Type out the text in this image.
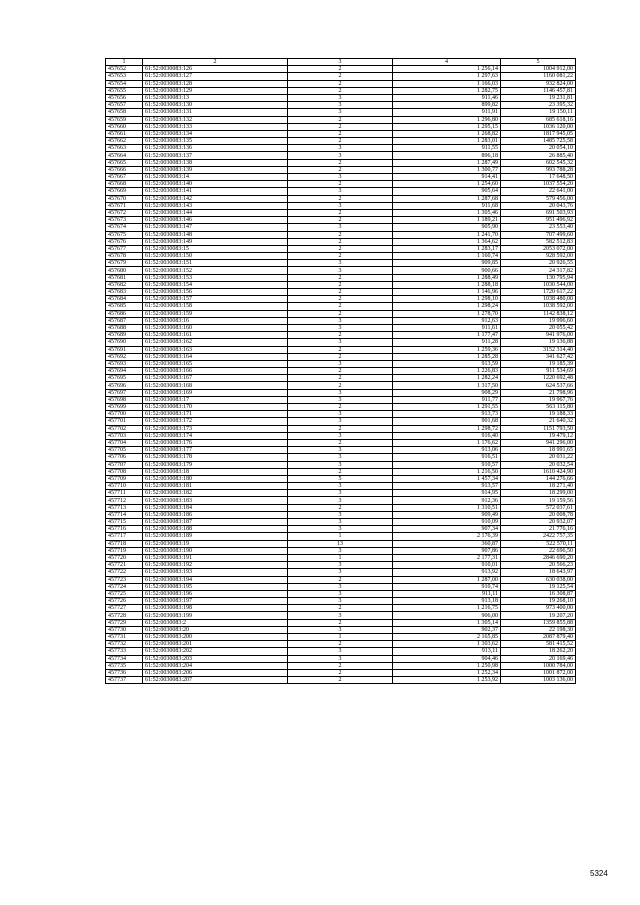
1	2	3	4	5
457652	61:52:0030083:126	2	1 256,14	1004 912,00
457653	61:52:0030083:127	2	1 297,63	1160 081,22
457654	61:52:0030083:128	2	1 166,03	932 824,00
457655	61:52:0030083:129	2	1 282,75	1146 457,81
457656	61:52:0030083:13	3	911,46	19 231,81
457657	61:52:0030083:130	3	899,82	23 395,32
457658	61:52:0030083:131	3	911,91	19 150,11
457659	61:52:0030083:132	2	1 296,80	685 618,16
457660	61:52:0030083:133	2	1 295,15	1036 120,00
457661	61:52:0030083:134	2	1 268,82	1817 945,05
457662	61:52:0030083:135	2	1 283,01	1485 725,58
457663	61:52:0030083:136	3	911,55	20 054,10
457664	61:52:0030083:137	3	896,18	26 885,40
457665	61:52:0030083:138	2	1 287,49	602 545,32
457666	61:52:0030083:139	2	1 300,77	993 788,28
457667	61:52:0030083:14	3	914,41	17 648,50
457668	61:52:0030083:140	2	1 254,60	1037 554,20
457669	61:52:0030083:141	3	905,64	22 641,00
457670	61:52:0030083:142	2	1 287,68	579 456,00
457671	61:52:0030083:143	3	911,68	20 043,76
457672	61:52:0030083:144	2	1 305,46	691 503,93
457673	61:52:0030083:146	2	1 189,21	951 496,92
457674	61:52:0030083:147	3	905,90	23 553,40
457675	61:52:0030083:148	2	1 241,70	707 499,60
457676	61:52:0030083:149	2	1 364,62	582 512,83
457677	61:52:0030083:15	2	1 283,17	2053 072,00
457678	61:52:0030083:150	2	1 160,74	928 592,00
457679	61:52:0030083:151	3	909,85	20 926,55
457680	61:52:0030083:152	3	900,66	24 317,82
457681	61:52:0030083:153	2	1 288,49	130 795,94
457682	61:52:0030083:154	2	1 288,18	1030 544,00
457683	61:52:0030083:156	2	1 146,96	1720 617,22
457684	61:52:0030083:157	2	1 298,10	1038 480,00
457685	61:52:0030083:158	2	1 298,24	1038 592,00
457686	61:52:0030083:159	2	1 278,70	1142 838,12
457687	61:52:0030083:16	3	912,63	19 996,60
457688	61:52:0030083:160	3	911,61	20 055,42
457689	61:52:0030083:161	2	1 177,47	941 976,00
457690	61:52:0030083:162	3	911,28	19 136,88
457691	61:52:0030083:163	2	1 259,36	3152 314,40
457692	61:52:0030083:164	2	1 285,28	341 627,42
457693	61:52:0030083:165	3	913,59	19 185,39
457694	61:52:0030083:166	2	1 226,83	911 534,69
457695	61:52:0030083:167	2	1 282,24	1220 692,48
457696	61:52:0030083:168	2	1 317,50	624 537,66
457697	61:52:0030083:169	3	908,29	21 798,96
457698	61:52:0030083:17	3	911,77	19 967,76
457699	61:52:0030083:170	2	1 291,55	563 115,80
457700	61:52:0030083:171	3	913,73	19 188,33
457701	61:52:0030083:172	3	901,68	21 640,32
457702	61:52:0030083:173	2	1 298,72	1151 793,50
457703	61:52:0030083:174	3	916,40	19 479,12
457704	61:52:0030083:176	2	1 176,62	941 296,00
457705	61:52:0030083:177	3	913,06	18 991,65
457706	61:52:0030083:178	3	916,51	20 031,22
457707	61:52:0030083:179	3	910,57	20 032,54
457708	61:52:0030083:18	2	1 216,50	1610 424,90
457709	61:52:0030083:180	5	1 457,34	144 276,66
457710	61:52:0030083:181	3	913,57	18 271,40
457711	61:52:0030083:182	3	914,95	18 299,00
457712	61:52:0030083:183	3	912,36	19 159,56
457713	61:52:0030083:184	2	1 310,51	572 037,61
457714	61:52:0030083:186	3	909,49	20 008,78
457715	61:52:0030083:187	3	910,09	20 932,07
457716	61:52:0030083:188	3	907,34	21 776,16
457717	61:52:0030083:189	1	2 176,39	2422 757,35
457718	61:52:0030083:19	13	360,87	522 570,11
457719	61:52:0030083:190	3	907,86	22 696,50
457720	61:52:0030083:191	1	2 177,31	2846 690,20
457721	61:52:0030083:192	3	910,01	20 566,23
457722	61:52:0030083:193	3	913,92	18 643,97
457723	61:52:0030083:194	2	1 287,00	630 038,00
457724	61:52:0030083:195	3	910,74	19 125,54
457725	61:52:0030083:196	3	911,11	16 308,87
457726	61:52:0030083:197	3	913,18	19 268,10
457727	61:52:0030083:198	2	1 216,75	973 400,00
457728	61:52:0030083:199	3	906,00	19 207,20
457729	61:52:0030083:2	2	1 305,14	1359 855,88
457730	61:52:0030083:20	3	902,37	22 198,30
457731	61:52:0030083:200	1	2 165,85	2087 879,40
457732	61:52:0030083:201	2	1 303,62	581 415,52
457733	61:52:0030083:202	3	913,11	18 262,20
457734	61:52:0030083:203	3	904,46	20 169,46
457735	61:52:0030083:204	2	1 250,98	1000 784,00
457736	61:52:0030083:206	2	1 252,34	1001 872,00
457737	61:52:0030083:207	2	1 253,92	1003 136,00
5324
